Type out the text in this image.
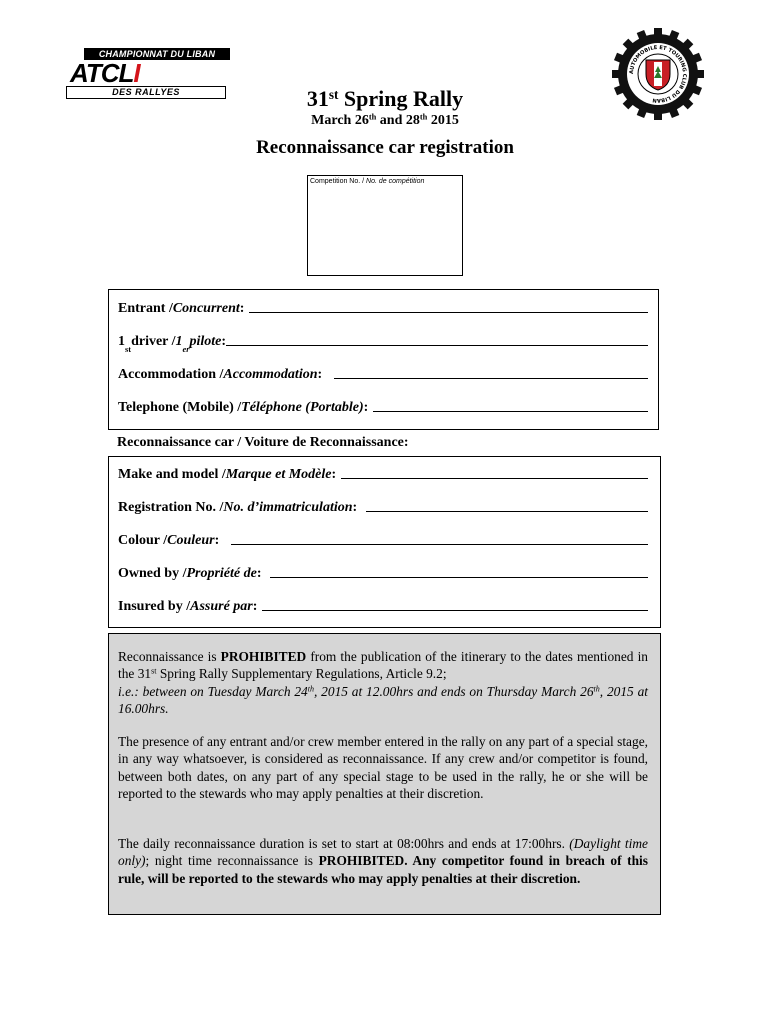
CHAMPIONNAT DU LIBAN
ATCLI
DES RALLYES
AUTOMOBILE ET TOURING CLUB DU LIBAN
31st Spring Rally
March 26th and 28th 2015
Reconnaissance car registration
Competition No. / No. de compétition
Entrant / Concurrent :
1
st
driver / 1
er
pilote :
Accommodation / Accommodation :
Telephone (Mobile) / Téléphone (Portable) :
Reconnaissance car / Voiture de Reconnaissance:
Make and model / Marque et Modèle :
Registration No. / No. d’immatriculation :
Colour / Couleur :
Owned by / Propriété de :
Insured by / Assuré par :
Reconnaissance is PROHIBITED from the publication of the itinerary to the dates mentioned in the 31st Spring Rally Supplementary Regulations, Article 9.2;
i.e.: between on Tuesday March 24th, 2015 at 12.00hrs and ends on Thursday March 26th, 2015 at 16.00hrs.
The presence of any entrant and/or crew member entered in the rally on any part of a special stage, in any way whatsoever, is considered as reconnaissance. If any crew and/or competitor is found, between both dates, on any part of any special stage to be used in the rally, he or she will be reported to the stewards who may apply penalties at their discretion.
The daily reconnaissance duration is set to start at 08:00hrs and ends at 17:00hrs. (Daylight time only); night time reconnaissance is PROHIBITED. Any competitor found in breach of this rule, will be reported to the stewards who may apply penalties at their discretion.
